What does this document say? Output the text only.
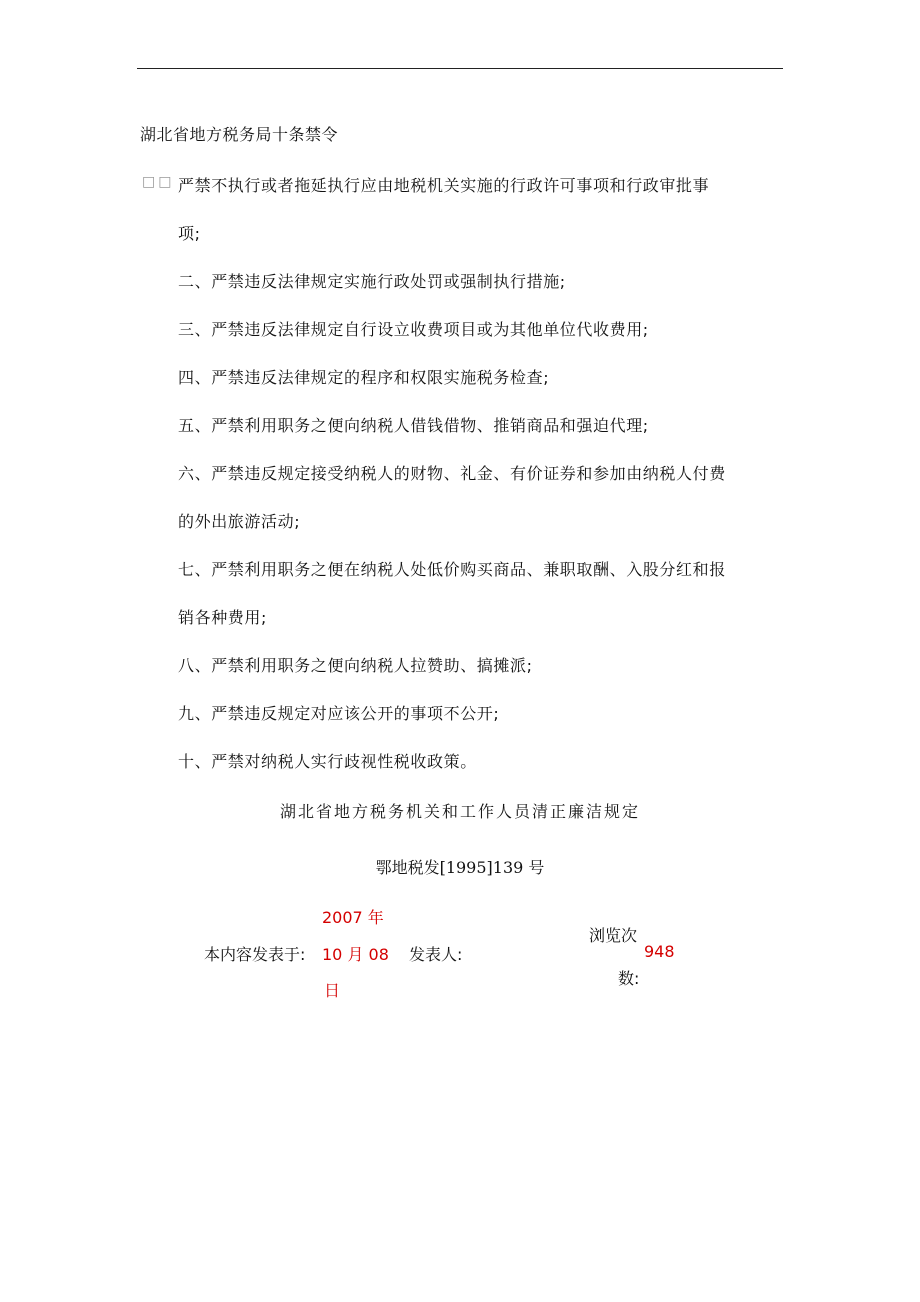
湖北省地方税务局十条禁令
□□ 严禁不执行或者拖延执行应由地税机关实施的行政许可事项和行政审批事
项;
二、严禁违反法律规定实施行政处罚或强制执行措施;
三、严禁违反法律规定自行设立收费项目或为其他单位代收费用;
四、严禁违反法律规定的程序和权限实施税务检查;
五、严禁利用职务之便向纳税人借钱借物、推销商品和强迫代理;
六、严禁违反规定接受纳税人的财物、礼金、有价证券和参加由纳税人付费
的外出旅游活动;
七、严禁利用职务之便在纳税人处低价购买商品、兼职取酬、入股分红和报
销各种费用;
八、严禁利用职务之便向纳税人拉赞助、搞摊派;
九、严禁违反规定对应该公开的事项不公开;
十、严禁对纳税人实行歧视性税收政策。
湖北省地方税务机关和工作人员清正廉洁规定
鄂地税发[1995]139 号
2007 年
本内容发表于: 10 月 08
日
发表人:
浏览次
948
数:
